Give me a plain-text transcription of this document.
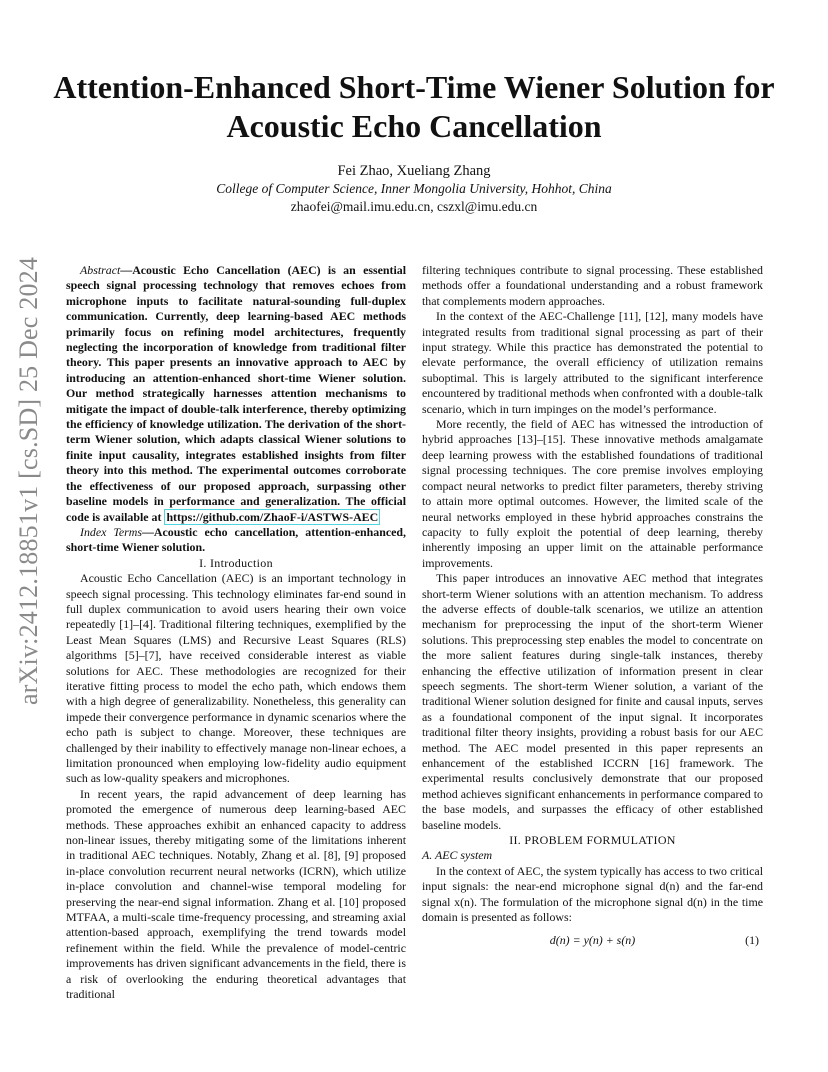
arXiv:2412.18851v1 [cs.SD] 25 Dec 2024
Attention-Enhanced Short-Time Wiener Solution for Acoustic Echo Cancellation
Fei Zhao, Xueliang Zhang
College of Computer Science, Inner Mongolia University, Hohhot, China
zhaofei@mail.imu.edu.cn, cszxl@imu.edu.cn

Abstract—Acoustic Echo Cancellation (AEC) is an essential speech signal processing technology that removes echoes from microphone inputs to facilitate natural-sounding full-duplex communication. Currently, deep learning-based AEC methods primarily focus on refining model architectures, frequently neglecting the incorporation of knowledge from traditional filter theory. This paper presents an innovative approach to AEC by introducing an attention-enhanced short-time Wiener solution. Our method strategically harnesses attention mechanisms to mitigate the impact of double-talk interference, thereby optimizing the efficiency of knowledge utilization. The derivation of the short-term Wiener solution, which adapts classical Wiener solutions to finite input causality, integrates established insights from filter theory into this method. The experimental outcomes corroborate the effectiveness of our proposed approach, surpassing other baseline models in performance and generalization. The official code is available at https://github.com/ZhaoF-i/ASTWS-AEC

Index Terms—Acoustic echo cancellation, attention-enhanced, short-time Wiener solution.

I. Introduction

Acoustic Echo Cancellation (AEC) is an important technology in speech signal processing. This technology eliminates far-end sound in full duplex communication to avoid users hearing their own voice repeatedly [1]–[4]. Traditional filtering techniques, exemplified by the Least Mean Squares (LMS) and Recursive Least Squares (RLS) algorithms [5]–[7], have received considerable interest as viable solutions for AEC. These methodologies are recognized for their iterative fitting process to model the echo path, which endows them with a high degree of generalizability. Nonetheless, this generality can impede their convergence performance in dynamic scenarios where the echo path is subject to change. Moreover, these techniques are challenged by their inability to effectively manage non-linear echoes, a limitation pronounced when employing low-fidelity audio equipment such as low-quality speakers and microphones.

In recent years, the rapid advancement of deep learning has promoted the emergence of numerous deep learning-based AEC methods. These approaches exhibit an enhanced capacity to address non-linear issues, thereby mitigating some of the limitations inherent in traditional AEC techniques. Notably, Zhang et al. [8], [9] proposed in-place convolution recurrent neural networks (ICRN), which utilize in-place convolution and channel-wise temporal modeling for preserving the near-end signal information. Zhang et al. [10] proposed MTFAA, a multi-scale time-frequency processing, and streaming axial attention-based approach, exemplifying the trend towards model refinement within the field. While the prevalence of model-centric improvements has driven significant advancements in the field, there is a risk of overlooking the enduring theoretical advantages that traditional

filtering techniques contribute to signal processing. These established methods offer a foundational understanding and a robust framework that complements modern approaches.

In the context of the AEC-Challenge [11], [12], many models have integrated results from traditional signal processing as part of their input strategy. While this practice has demonstrated the potential to elevate performance, the overall efficiency of utilization remains suboptimal. This is largely attributed to the significant interference encountered by traditional methods when confronted with a double-talk scenario, which in turn impinges on the model’s performance.

More recently, the field of AEC has witnessed the introduction of hybrid approaches [13]–[15]. These innovative methods amalgamate deep learning prowess with the established foundations of traditional signal processing techniques. The core premise involves employing compact neural networks to predict filter parameters, thereby striving to attain more optimal outcomes. However, the limited scale of the neural networks employed in these hybrid approaches constrains the capacity to fully exploit the potential of deep learning, thereby inherently imposing an upper limit on the attainable performance improvements.

This paper introduces an innovative AEC method that integrates short-term Wiener solutions with an attention mechanism. To address the adverse effects of double-talk scenarios, we utilize an attention mechanism for preprocessing the input of the short-term Wiener solutions. This preprocessing step enables the model to concentrate on the more salient features during single-talk instances, thereby enhancing the effective utilization of information present in clear speech segments. The short-term Wiener solution, a variant of the traditional Wiener solution designed for finite and causal inputs, serves as a foundational component of the input signal. It incorporates traditional filter theory insights, providing a robust basis for our AEC method. The AEC model presented in this paper represents an enhancement of the established ICCRN [16] framework. The experimental results conclusively demonstrate that our proposed method achieves significant enhancements in performance compared to the base models, and surpasses the efficacy of other established baseline models.

II. PROBLEM FORMULATION

A. AEC system

In the context of AEC, the system typically has access to two critical input signals: the near-end microphone signal d(n) and the far-end signal x(n). The formulation of the microphone signal d(n) in the time domain is presented as follows:

d(n) = y(n) + s(n)	(1)
